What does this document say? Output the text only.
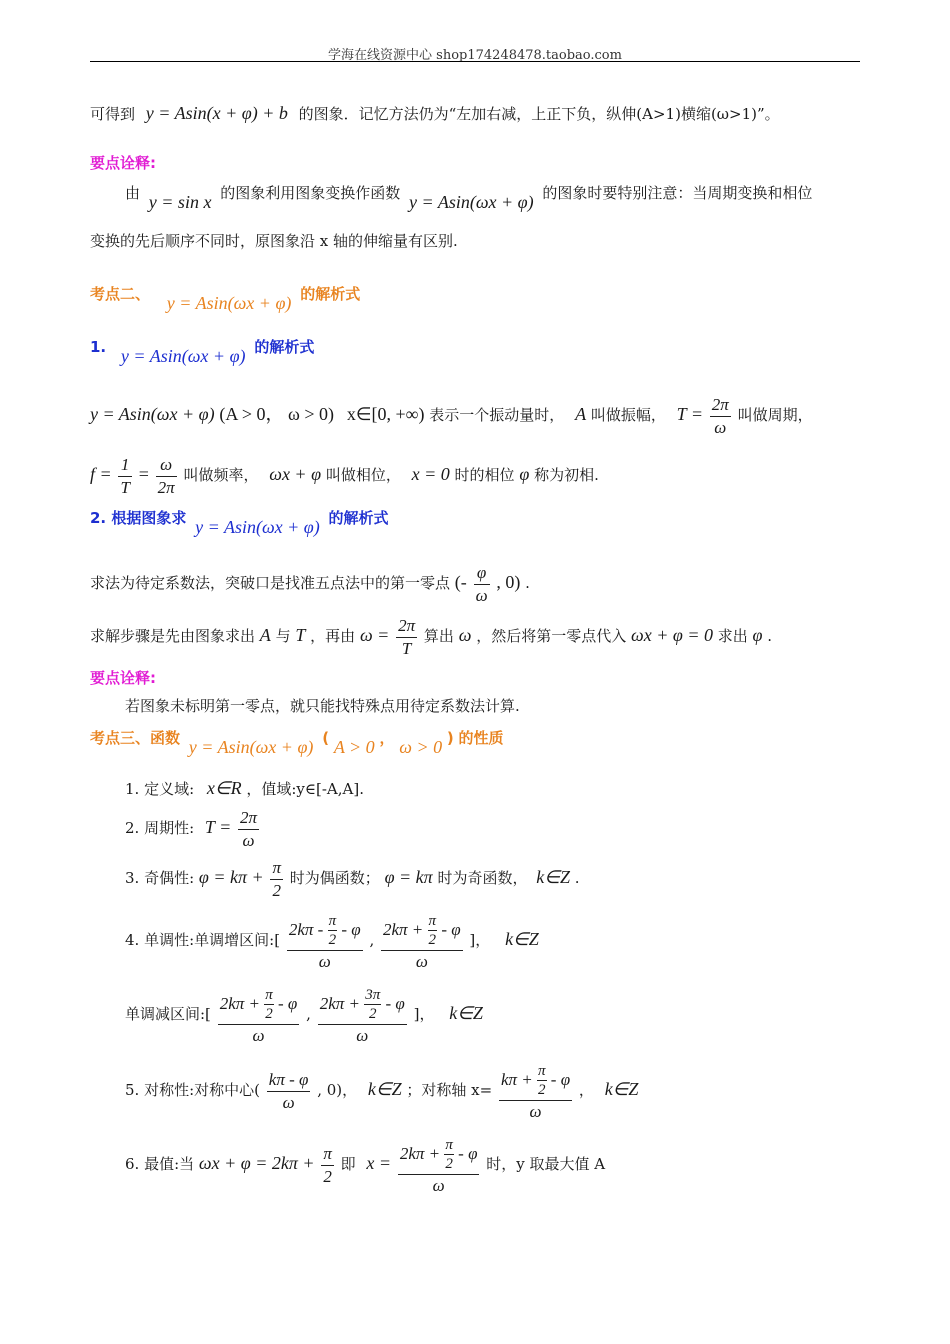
学海在线资源中心 shop174248478.taobao.com
可得到 y = Asin(x + φ) + b 的图象．记忆方法仍为“左加右减，上正下负，纵伸(A>1)横缩(ω>1)”。
要点诠释:
由 y = sin x 的图象利用图象变换作函数 y = Asin(ωx + φ) 的图象时要特别注意：当周期变换和相位
变换的先后顺序不同时，原图象沿 x 轴的伸缩量有区别.
考点二、 y = Asin(ωx + φ) 的解析式
1. y = Asin(ωx + φ) 的解析式
y = Asin(ωx + φ) (A > 0， ω > 0) x∈[0, +∞) 表示一个振动量时， A 叫做振幅， $T = \frac{2\pi}{\omega}$ 叫做周期，
$f = \frac{1}{T} = \frac{\omega}{2\pi}$ 叫做频率， ωx + φ 叫做相位， x = 0 时的相位 φ 称为初相.
2. 根据图象求 y = Asin(ωx + φ) 的解析式
求法为待定系数法，突破口是找准五点法中的第一零点 (- $\frac{\varphi}{\omega}$ , 0) .
求解步骤是先由图象求出 A 与 T ，再由 $\omega = \frac{2\pi}{T}$ 算出 ω ，然后将第一零点代入 ωx + φ = 0 求出 φ .
要点诠释:
若图象未标明第一零点，就只能找特殊点用待定系数法计算.
考点三、函数 y = Asin(ωx + φ) ( A > 0 ， ω > 0 ) 的性质
1. 定义域: x∈R ，值域:y∈[-A,A].
2. 周期性: $T = \frac{2\pi}{\omega}$
3. 奇偶性: $\varphi = k\pi + \frac{\pi}{2}$ 时为偶函数； φ = kπ 时为奇函数， k∈Z .
4. 单调性:单调增区间:[ $\frac{2k\pi - \frac{\pi}{2} - \varphi}{\omega}$ , $\frac{2k\pi + \frac{\pi}{2} - \varphi}{\omega}$ ]， k∈Z
单调减区间:[ $\frac{2k\pi + \frac{\pi}{2} - \varphi}{\omega}$ , $\frac{2k\pi + \frac{3\pi}{2} - \varphi}{\omega}$ ]， k∈Z
5. 对称性:对称中心( $\frac{k\pi - \varphi}{\omega}$ , 0)， k∈Z ；对称轴 $x= \frac{k\pi + \frac{\pi}{2} - \varphi}{\omega}$ ， k∈Z
6. 最值:当 $\omega x + \varphi = 2k\pi + \frac{\pi}{2}$ 即 $x = \frac{2k\pi + \frac{\pi}{2} - \varphi}{\omega}$ 时，y 取最大值 A
